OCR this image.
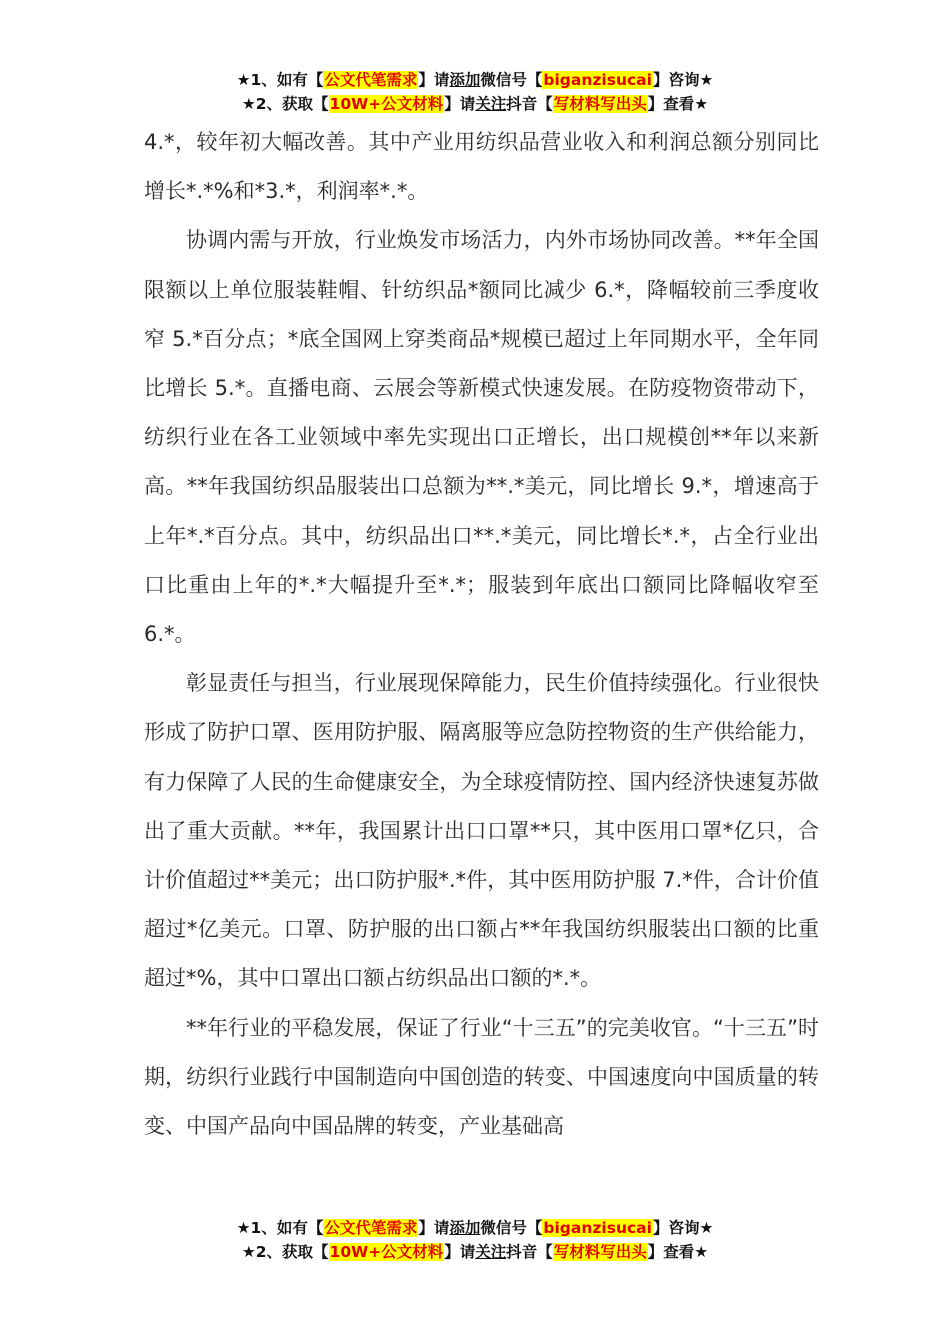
★1、如有【公文代笔需求】请添加微信号【biganzisucai】咨询★
★2、获取【10W+公文材料】请关注抖音【写材料写出头】查看★

4.*，较年初大幅改善。其中产业用纺织品营业收入和利润总额分别同比增长*.*%和*3.*，利润率*.*。

协调内需与开放，行业焕发市场活力，内外市场协同改善。**年全国限额以上单位服装鞋帽、针纺织品*额同比减少 6.*，降幅较前三季度收窄 5.*百分点；*底全国网上穿类商品*规模已超过上年同期水平，全年同比增长 5.*。直播电商、云展会等新模式快速发展。在防疫物资带动下，纺织行业在各工业领域中率先实现出口正增长，出口规模创**年以来新高。**年我国纺织品服装出口总额为**.*美元，同比增长 9.*，增速高于上年*.*百分点。其中，纺织品出口**.*美元，同比增长*.*，占全行业出口比重由上年的*.*大幅提升至*.*；服装到年底出口额同比降幅收窄至 6.*。

彰显责任与担当，行业展现保障能力，民生价值持续强化。行业很快形成了防护口罩、医用防护服、隔离服等应急防控物资的生产供给能力，有力保障了人民的生命健康安全，为全球疫情防控、国内经济快速复苏做出了重大贡献。**年，我国累计出口口罩**只，其中医用口罩*亿只，合计价值超过**美元；出口防护服*.*件，其中医用防护服 7.*件，合计价值超过*亿美元。口罩、防护服的出口额占**年我国纺织服装出口额的比重超过*%，其中口罩出口额占纺织品出口额的*.*。

**年行业的平稳发展，保证了行业“十三五”的完美收官。“十三五”时期，纺织行业践行中国制造向中国创造的转变、中国速度向中国质量的转变、中国产品向中国品牌的转变，产业基础高

★1、如有【公文代笔需求】请添加微信号【biganzisucai】咨询★
★2、获取【10W+公文材料】请关注抖音【写材料写出头】查看★
